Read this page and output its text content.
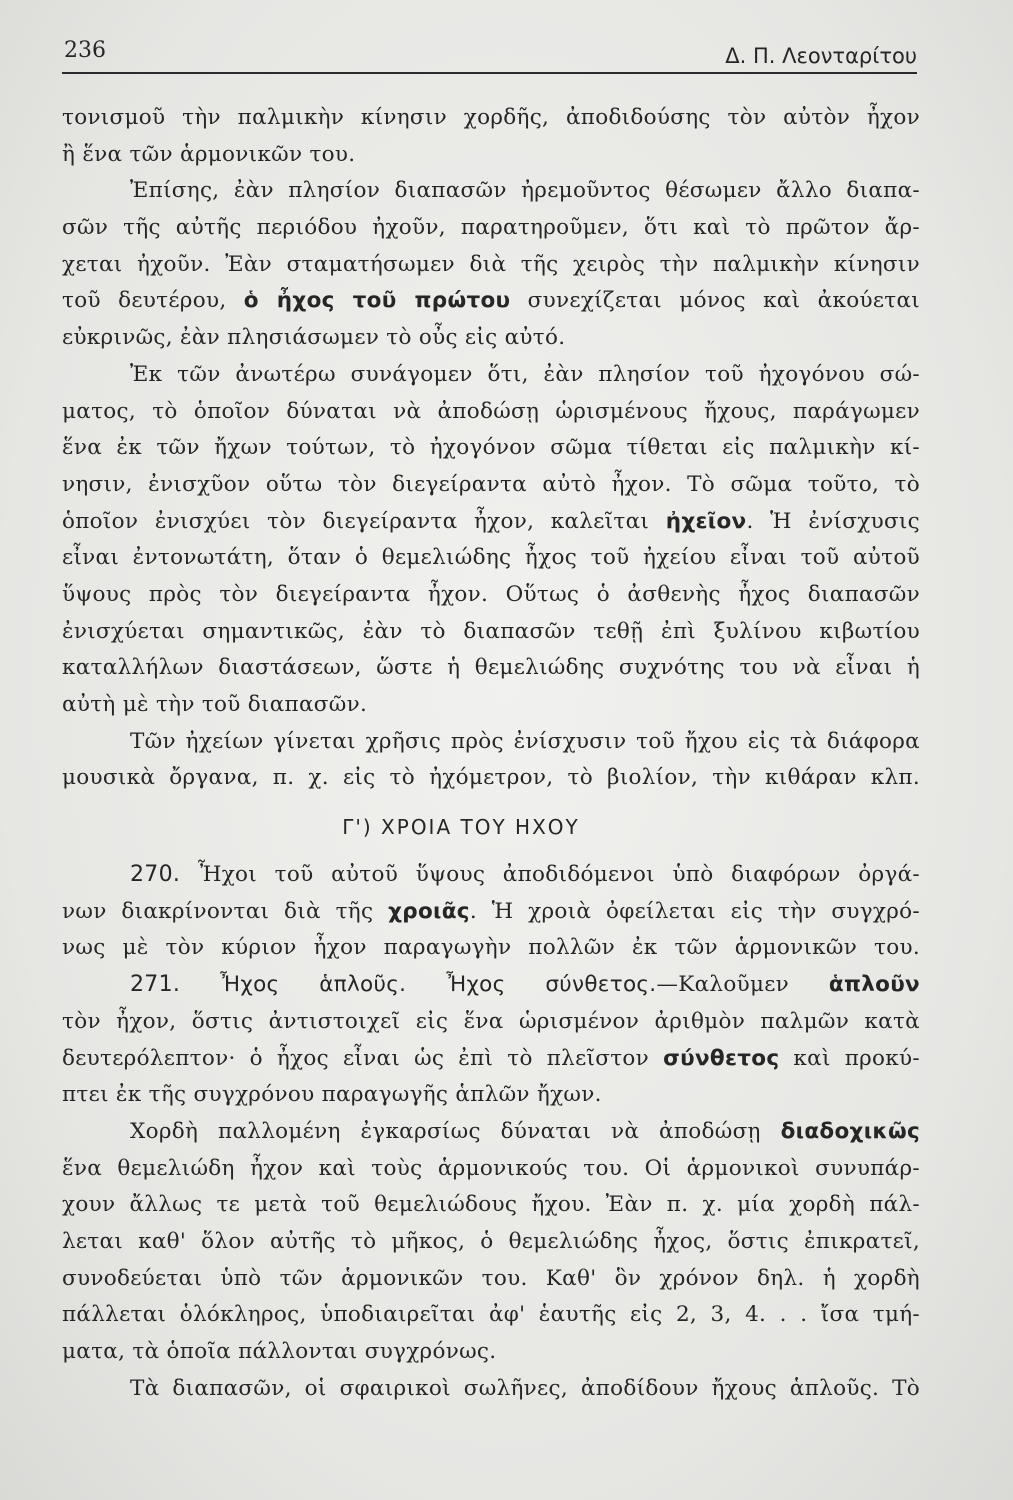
236	Δ. Π. Λεονταρίτου
τονισμοῦ τὴν παλμικὴν κίνησιν χορδῆς, ἀποδιδούσης τὸν αὐτὸν ἦχον
ἢ ἕνα τῶν ἁρμονικῶν του.
Ἐπίσης, ἐὰν πλησίον διαπασῶν ἠρεμοῦντος θέσωμεν ἄλλο διαπα-
σῶν τῆς αὐτῆς περιόδου ἠχοῦν, παρατηροῦμεν, ὅτι καὶ τὸ πρῶτον ἄρ-
χεται ἠχοῦν. Ἐὰν σταματήσωμεν διὰ τῆς χειρὸς τὴν παλμικὴν κίνησιν
τοῦ δευτέρου, ὁ ἦχος τοῦ πρώτου συνεχίζεται μόνος καὶ ἀκούεται
εὐκρινῶς, ἐὰν πλησιάσωμεν τὸ οὖς εἰς αὐτό.
Ἐκ τῶν ἀνωτέρω συνάγομεν ὅτι, ἐὰν πλησίον τοῦ ἠχογόνου σώ-
ματος, τὸ ὁποῖον δύναται νὰ ἀποδώσῃ ὡρισμένους ἤχους, παράγωμεν
ἕνα ἐκ τῶν ἤχων τούτων, τὸ ἠχογόνον σῶμα τίθεται εἰς παλμικὴν κί-
νησιν, ἐνισχῦον οὕτω τὸν διεγείραντα αὐτὸ ἦχον. Τὸ σῶμα τοῦτο, τὸ
ὁποῖον ἐνισχύει τὸν διεγείραντα ἦχον, καλεῖται ἠχεῖον. Ἡ ἐνίσχυσις
εἶναι ἐντονωτάτη, ὅταν ὁ θεμελιώδης ἦχος τοῦ ἠχείου εἶναι τοῦ αὐτοῦ
ὕψους πρὸς τὸν διεγείραντα ἦχον. Οὕτως ὁ ἀσθενὴς ἦχος διαπασῶν
ἐνισχύεται σημαντικῶς, ἐὰν τὸ διαπασῶν τεθῇ ἐπὶ ξυλίνου κιβωτίου
καταλλήλων διαστάσεων, ὥστε ἡ θεμελιώδης συχνότης του νὰ εἶναι ἡ
αὐτὴ μὲ τὴν τοῦ διαπασῶν.
Τῶν ἠχείων γίνεται χρῆσις πρὸς ἐνίσχυσιν τοῦ ἤχου εἰς τὰ διάφορα
μουσικὰ ὄργανα, π. χ. εἰς τὸ ἠχόμετρον, τὸ βιολίον, τὴν κιθάραν κλπ.
Γ') ΧΡΟΙΑ ΤΟΥ ΗΧΟΥ
270. Ἦχοι τοῦ αὐτοῦ ὕψους ἀποδιδόμενοι ὑπὸ διαφόρων ὀργά-
νων διακρίνονται διὰ τῆς χροιᾶς. Ἡ χροιὰ ὀφείλεται εἰς τὴν συγχρό-
νως μὲ τὸν κύριον ἦχον παραγωγὴν πολλῶν ἐκ τῶν ἁρμονικῶν του.
271. Ἦχος ἁπλοῦς. Ἦχος σύνθετος.—Καλοῦμεν ἁπλοῦν
τὸν ἦχον, ὅστις ἀντιστοιχεῖ εἰς ἕνα ὡρισμένον ἀριθμὸν παλμῶν κατὰ
δευτερόλεπτον· ὁ ἦχος εἶναι ὡς ἐπὶ τὸ πλεῖστον σύνθετος καὶ προκύ-
πτει ἐκ τῆς συγχρόνου παραγωγῆς ἁπλῶν ἤχων.
Χορδὴ παλλομένη ἐγκαρσίως δύναται νὰ ἀποδώσῃ διαδοχικῶς
ἕνα θεμελιώδη ἦχον καὶ τοὺς ἁρμονικούς του. Οἱ ἁρμονικοὶ συνυπάρ-
χουν ἄλλως τε μετὰ τοῦ θεμελιώδους ἤχου. Ἐὰν π. χ. μία χορδὴ πάλ-
λεται καθ' ὅλον αὐτῆς τὸ μῆκος, ὁ θεμελιώδης ἦχος, ὅστις ἐπικρατεῖ,
συνοδεύεται ὑπὸ τῶν ἁρμονικῶν του. Καθ' ὃν χρόνον δηλ. ἡ χορδὴ
πάλλεται ὁλόκληρος, ὑποδιαιρεῖται ἀφ' ἑαυτῆς εἰς 2, 3, 4. . . ἴσα τμή-
ματα, τὰ ὁποῖα πάλλονται συγχρόνως.
Τὰ διαπασῶν, οἱ σφαιρικοὶ σωλῆνες, ἀποδίδουν ἤχους ἁπλοῦς. Τὸ
